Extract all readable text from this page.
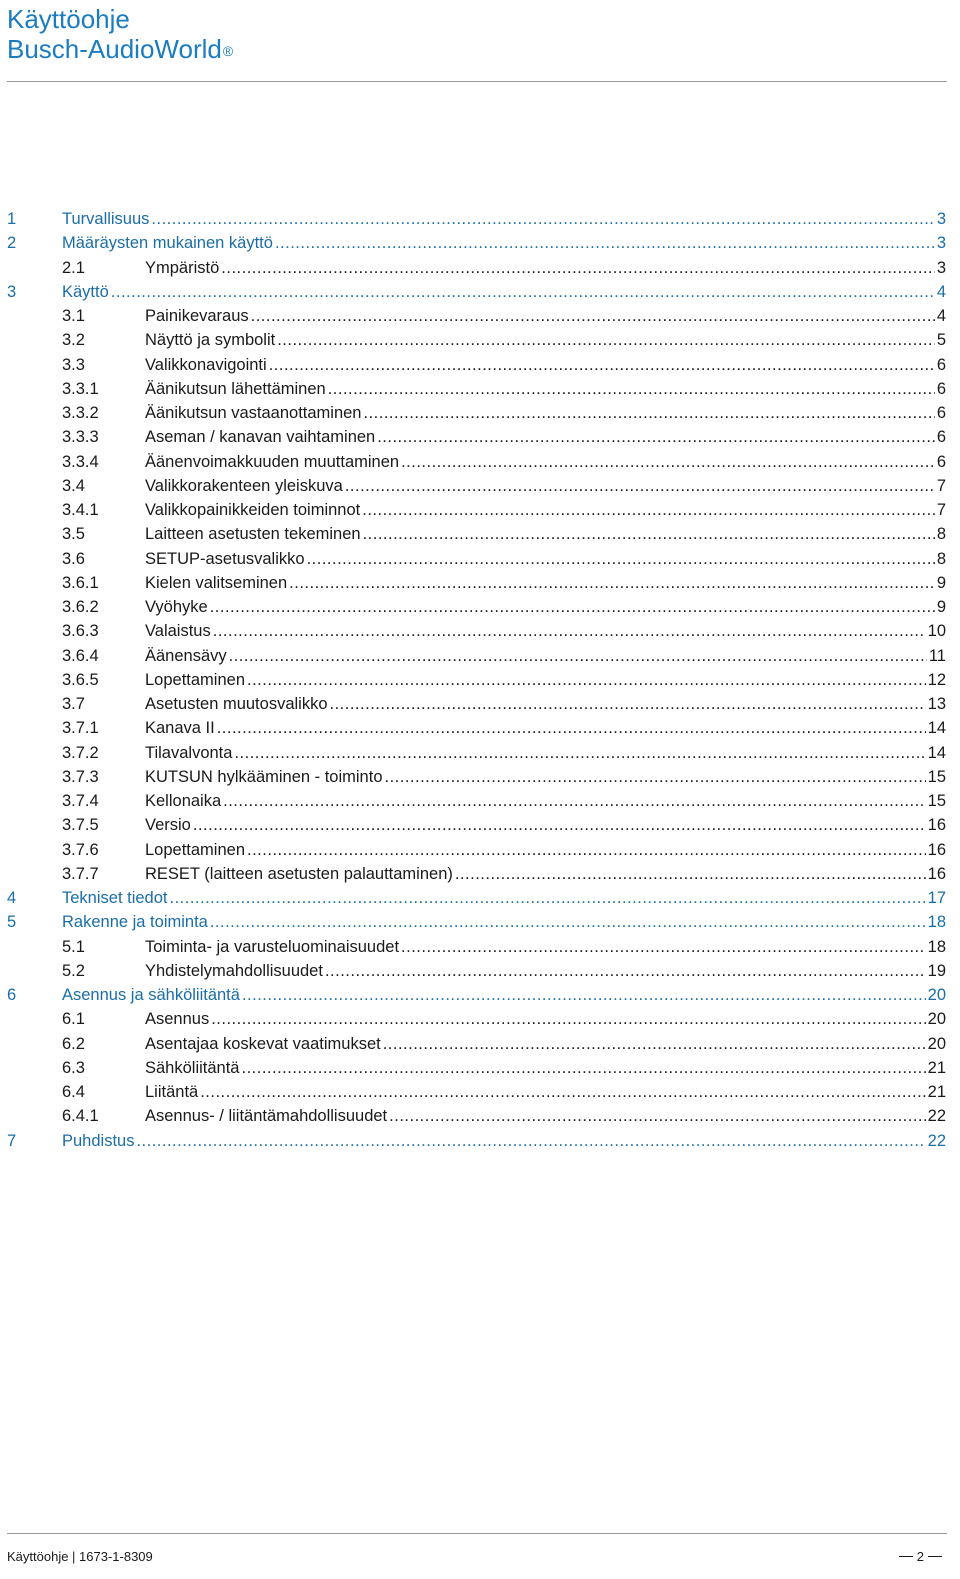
Käyttöohje
Busch-AudioWorld®
1	Turvallisuus .....	3
2	Määräysten mukainen käyttö .....	3
2.1	Ympäristö .....	3
3	Käyttö .....	4
3.1	Painikevaraus .....	4
3.2	Näyttö ja symbolit .....	5
3.3	Valikkonavigointi .....	6
3.3.1	Äänikutsun lähettäminen .....	6
3.3.2	Äänikutsun vastaanottaminen .....	6
3.3.3	Aseman / kanavan vaihtaminen .....	6
3.3.4	Äänenvoimakkuuden muuttaminen .....	6
3.4	Valikkorakenteen yleiskuva .....	7
3.4.1	Valikkopainikkeiden toiminnot .....	7
3.5	Laitteen asetusten tekeminen .....	8
3.6	SETUP-asetusvalikko .....	8
3.6.1	Kielen valitseminen .....	9
3.6.2	Vyöhyke .....	9
3.6.3	Valaistus .....	10
3.6.4	Äänensävy .....	11
3.6.5	Lopettaminen .....	12
3.7	Asetusten muutosvalikko .....	13
3.7.1	Kanava II .....	14
3.7.2	Tilavalvonta .....	14
3.7.3	KUTSUN hylkääminen - toiminto .....	15
3.7.4	Kellonaika .....	15
3.7.5	Versio .....	16
3.7.6	Lopettaminen .....	16
3.7.7	RESET (laitteen asetusten palauttaminen) .....	16
4	Tekniset tiedot .....	17
5	Rakenne ja toiminta .....	18
5.1	Toiminta- ja varusteluominaisuudet .....	18
5.2	Yhdistelymahdollisuudet .....	19
6	Asennus ja sähköliitäntä .....	20
6.1	Asennus .....	20
6.2	Asentajaa koskevat vaatimukset .....	20
6.3	Sähköliitäntä .....	21
6.4	Liitäntä .....	21
6.4.1	Asennus- / liitäntämahdollisuudet .....	22
7	Puhdistus .....	22
Käyttöohje | 1673-1-8309	2
